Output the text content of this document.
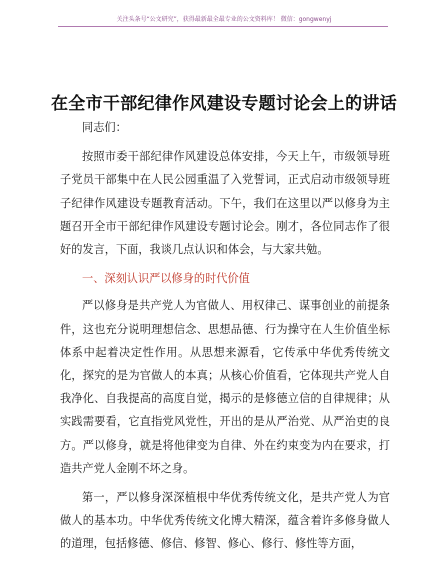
关注头条号“公文研究”，获得最新最全最专业的公文资料库！ 微信：gongwenyj
在全市干部纪律作风建设专题讨论会上的讲话

同志们：

按照市委干部纪律作风建设总体安排，今天上午，市级领导班子党员干部集中在人民公园重温了入党誓词，正式启动市级领导班子纪律作风建设专题教育活动。下午，我们在这里以严以修身为主题召开全市干部纪律作风建设专题讨论会。刚才，各位同志作了很好的发言，下面，我谈几点认识和体会，与大家共勉。

一、深刻认识严以修身的时代价值

严以修身是共产党人为官做人、用权律己、谋事创业的前提条件，这也充分说明理想信念、思想品德、行为操守在人生价值坐标体系中起着决定性作用。从思想来源看，它传承中华优秀传统文化，探究的是为官做人的本真；从核心价值看，它体现共产党人自我净化、自我提高的高度自觉，揭示的是修德立信的自律规律；从实践需要看，它直指党风党性，开出的是从严治党、从严治吏的良方。严以修身，就是将他律变为自律、外在约束变为内在要求，打造共产党人金刚不坏之身。

第一，严以修身深深植根中华优秀传统文化，是共产党人为官做人的基本功。中华优秀传统文化博大精深，蕴含着许多修身做人的道理，包括修德、修信、修智、修心、修行、修性等方面，
